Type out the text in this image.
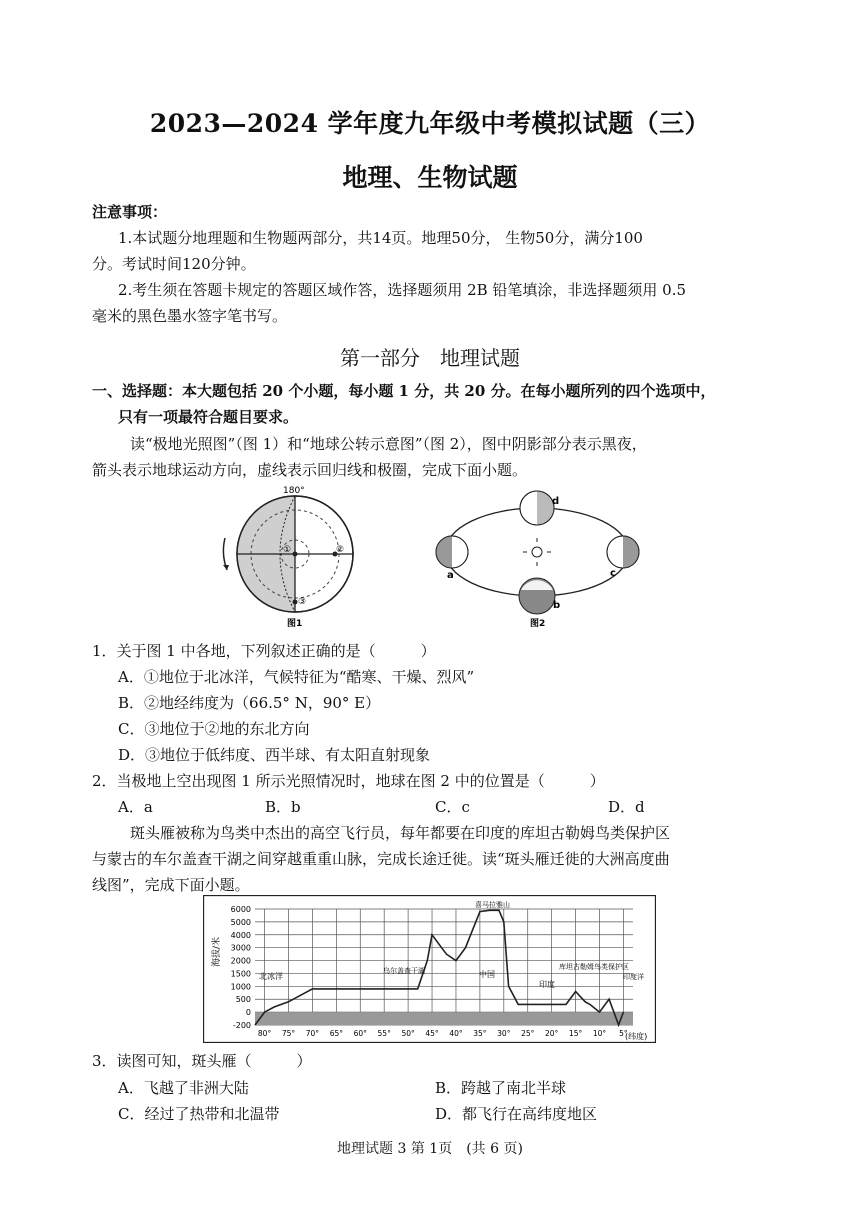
2023—2024 学年度九年级中考模拟试题（三）
地理、生物试题
注意事项：
1.本试题分地理题和生物题两部分，共14页。地理50分， 生物50分，满分100
分。考试时间120分钟。
2.考生须在答题卡规定的答题区域作答，选择题须用 2B 铅笔填涂，非选择题须用 0.5
毫米的黑色墨水签字笔书写。
第一部分　地理试题
一、选择题：本大题包括 20 个小题，每小题 1 分，共 20 分。在每小题所列的四个选项中，
只有一项最符合题目要求。
读“极地光照图”（图 1）和“地球公转示意图”（图 2），图中阴影部分表示黑夜，
箭头表示地球运动方向，虚线表示回归线和极圈，完成下面小题。
180°
①	②
③
图1
a
b
c
d
图2
1．关于图 1 中各地，下列叙述正确的是（　　　）
A．①地位于北冰洋，气候特征为“酷寒、干燥、烈风”
B．②地经纬度为（66.5° N，90° E）
C．③地位于②地的东北方向
D．③地位于低纬度、西半球、有太阳直射现象
2．当极地上空出现图 1 所示光照情况时，地球在图 2 中的位置是（　　　）
A．a	B．b	C．c	D．d
斑头雁被称为鸟类中杰出的高空飞行员，每年都要在印度的库坦古勒姆鸟类保护区
与蒙古的车尔盖查干湖之间穿越重重山脉，完成长途迁徙。读“斑头雁迁徙的大洲高度曲
线图”，完成下面小题。
6000
5000
4000
3000
2000
1500
1000
500
0
-200
80° 75° 70° 65° 60° 55° 50° 45° 40° 35° 30° 25° 20° 15° 10° 5°
海拔/米
(纬度)
北冰洋
乌尔盖查干湖
喜马拉雅山
中国
印度
库坦古勒姆鸟类保护区
印度洋
3．读图可知，斑头雁（　　　）
A．飞越了非洲大陆	B．跨越了南北半球
C．经过了热带和北温带	D．都飞行在高纬度地区
地理试题 3 第 1页　(共 6 页)
